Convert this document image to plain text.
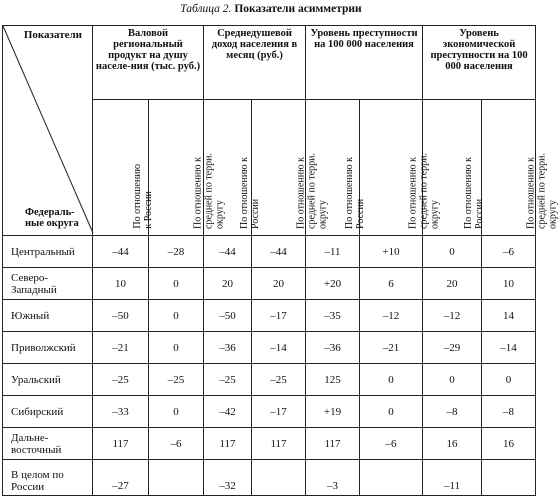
Таблица 2. Показатели асимметрии
Показатели
Федераль-
ные округа	Валовой региональный продукт на душу населе-ния (тыс. руб.)		Среднедушевой доход населения в месяц (руб.)		Уровень преступности на 100 000 населения		Уровень экономической преступности на 100 000 населения	

	По отношению
к России	По отношению к
средней по терри.
округу	По отношению к
России	По отношению к
средней по терри.
округу	По отношению к
России	По отношению к
средней по терри.
округу	По отношению к
России	По отношению к
средней по терри.
округу

Центральный	–44	–28	–44	–44	–11	+10	0	–6
Северо-
Западный	10	0	20	20	+20	6	20	10
Южный	–50	0	–50	–17	–35	–12	–12	14
Приволжский	–21	0	–36	–14	–36	–21	–29	–14
Уральский	–25	–25	–25	–25	125	0	0	0
Сибирский	–33	0	–42	–17	+19	0	–8	–8
Дальне-
восточный	117	–6	117	117	117	–6	16	16
В целом по
России	–27		–32		–3		–11	
